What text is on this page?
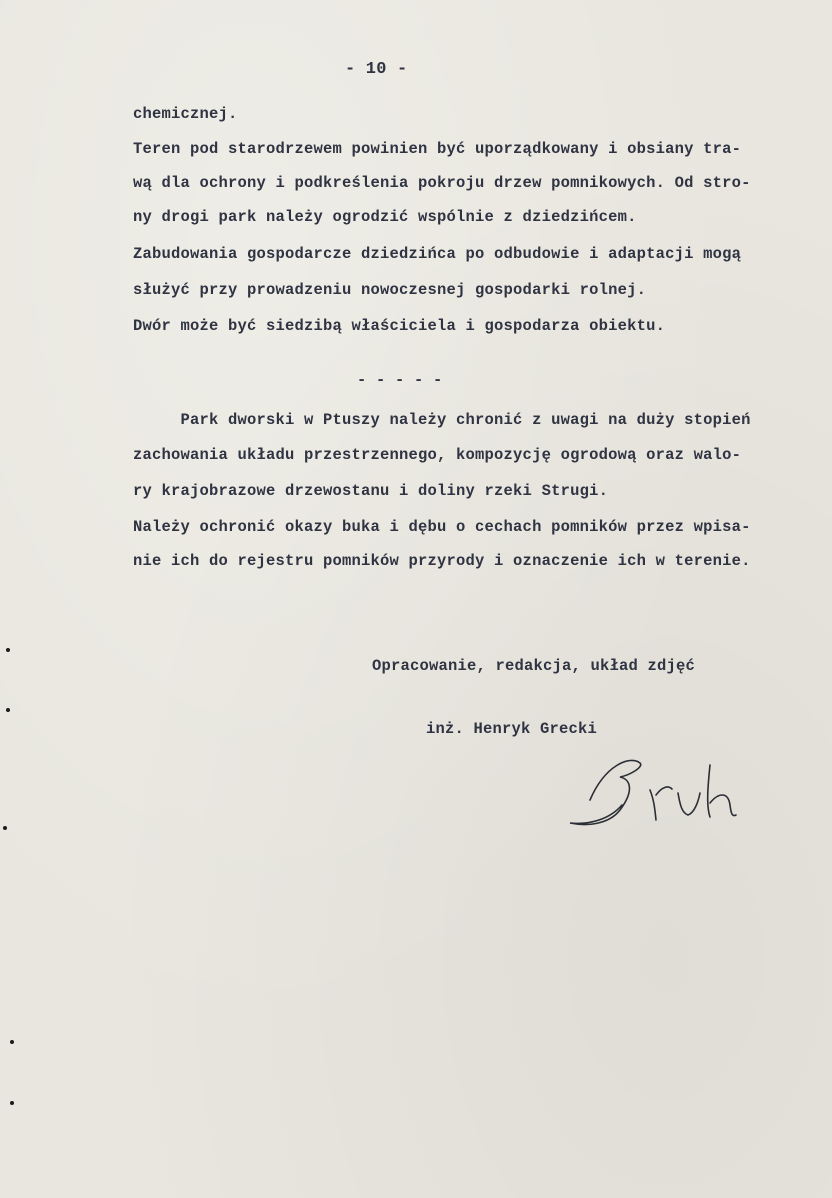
- 10 -
chemicznej.
Teren pod starodrzewem powinien być uporządkowany i obsiany tra-
wą dla ochrony i podkreślenia pokroju drzew pomnikowych. Od stro-
ny drogi park należy ogrodzić wspólnie z dziedzińcem.
Zabudowania gospodarcze dziedzińca po odbudowie i adaptacji mogą
służyć przy prowadzeniu nowoczesnej gospodarki rolnej.
Dwór może być siedzibą właściciela i gospodarza obiektu.
- - - - -
Park dworski w Ptuszy należy chronić z uwagi na duży stopień
zachowania układu przestrzennego, kompozycję ogrodową oraz walo-
ry krajobrazowe drzewostanu i doliny rzeki Strugi.
Należy ochronić okazy buka i dębu o cechach pomników przez wpisa-
nie ich do rejestru pomników przyrody i oznaczenie ich w terenie.
Opracowanie, redakcja, układ zdjęć
inż. Henryk Grecki
